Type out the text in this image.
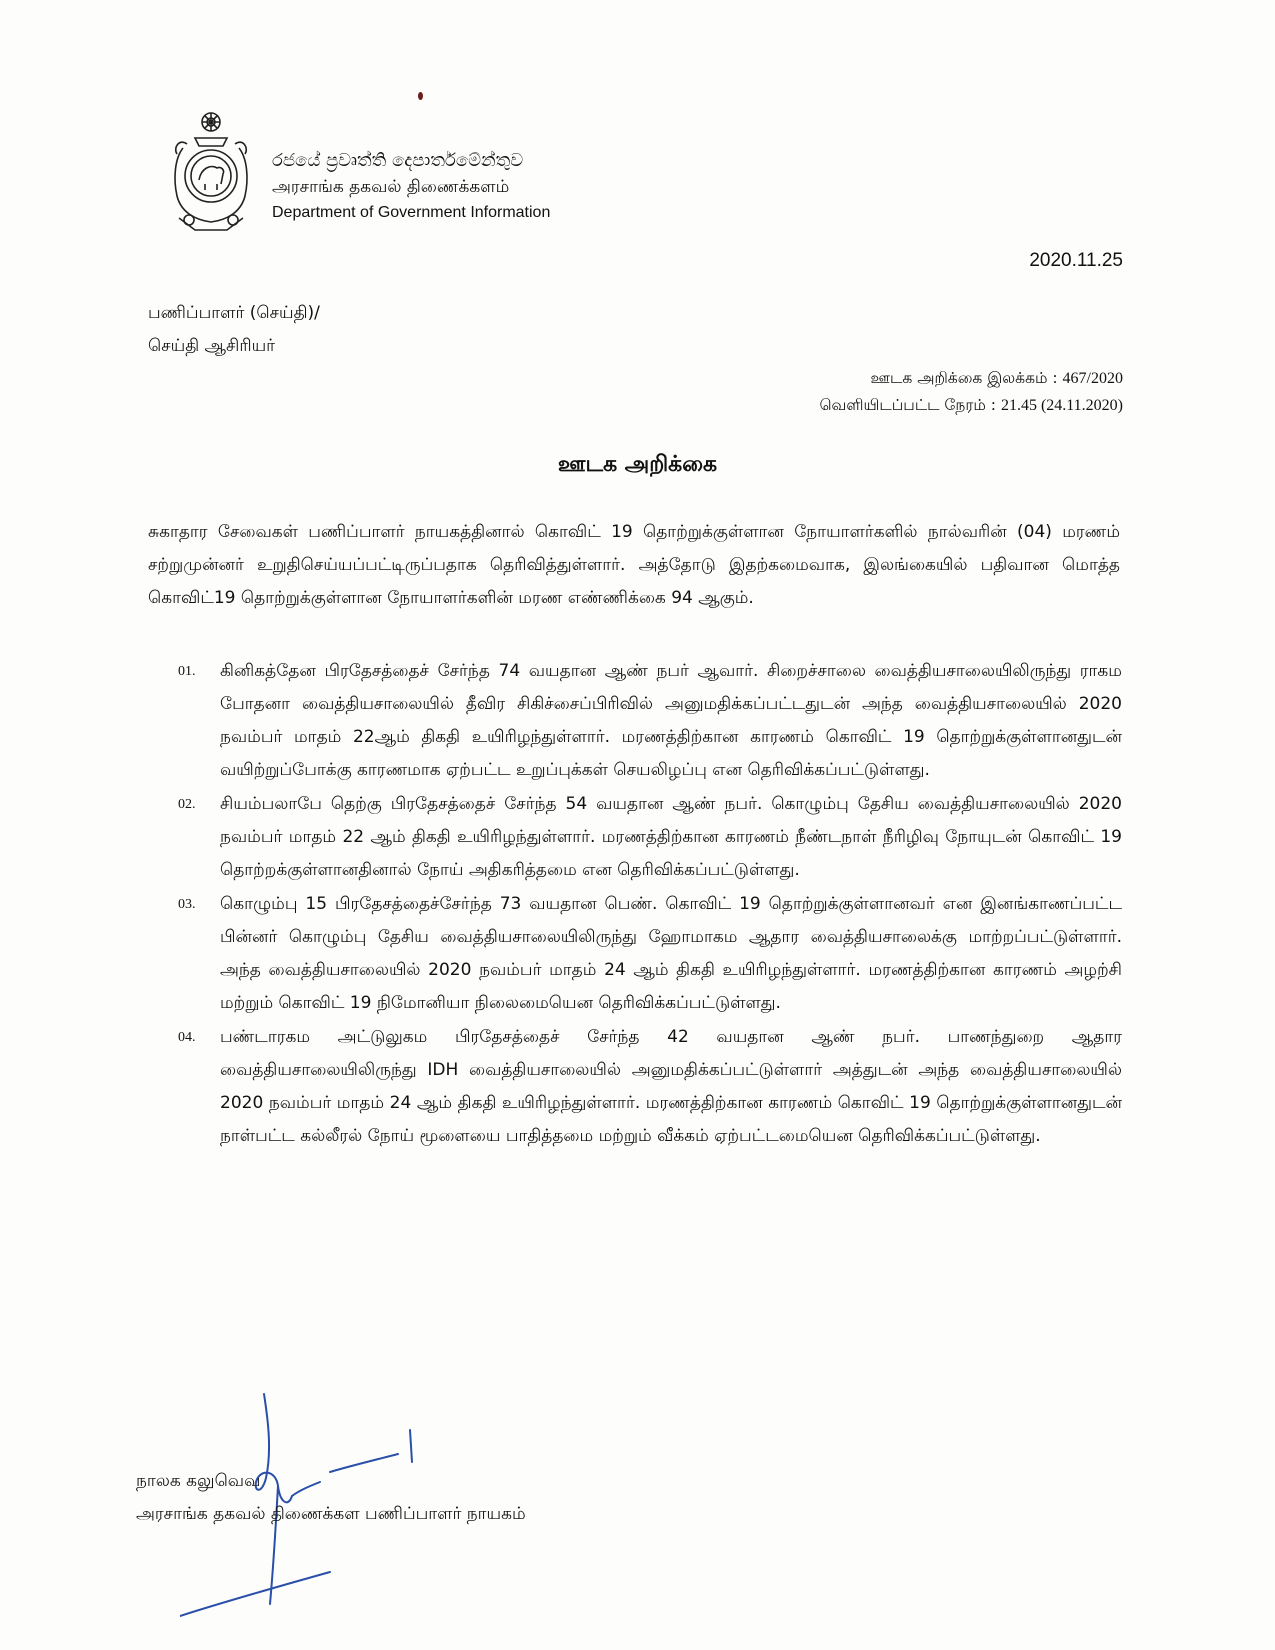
රජයේ ප්‍රවෘත්ති දෙපාර්තමේන්තුව
அரசாங்க தகவல் திணைக்களம்
Department of Government Information
2020.11.25
பணிப்பாளர் (செய்தி)/
செய்தி ஆசிரியர்
ஊடக அறிக்கை இலக்கம் : 467/2020
வெளியிடப்பட்ட நேரம் : 21.45 (24.11.2020)
ஊடக அறிக்கை
சுகாதார சேவைகள் பணிப்பாளர் நாயகத்தினால் கொவிட் 19 தொற்றுக்குள்ளான நோயாளர்களில் நால்வரின் (04) மரணம் சற்றுமுன்னர் உறுதிசெய்யப்பட்டிருப்பதாக தெரிவித்துள்ளார். அத்தோடு இதற்கமைவாக, இலங்கையில் பதிவான மொத்த கொவிட்19 தொற்றுக்குள்ளான நோயாளர்களின் மரண எண்ணிக்கை 94 ஆகும்.
01.	கினிகத்தேன பிரதேசத்தைச் சேர்ந்த 74 வயதான ஆண் நபர் ஆவார். சிறைச்சாலை வைத்தியசாலையிலிருந்து ராகம போதனா வைத்தியசாலையில் தீவிர சிகிச்சைப்பிரிவில் அனுமதிக்கப்பட்டதுடன் அந்த வைத்தியசாலையில் 2020 நவம்பர் மாதம் 22ஆம் திகதி உயிரிழந்துள்ளார். மரணத்திற்கான காரணம் கொவிட் 19 தொற்றுக்குள்ளானதுடன் வயிற்றுப்போக்கு காரணமாக ஏற்பட்ட உறுப்புக்கள் செயலிழப்பு என தெரிவிக்கப்பட்டுள்ளது.
02.	சியம்பலாபே தெற்கு பிரதேசத்தைச் சேர்ந்த 54 வயதான ஆண் நபர். கொழும்பு தேசிய வைத்தியசாலையில் 2020 நவம்பர் மாதம் 22 ஆம் திகதி உயிரிழந்துள்ளார். மரணத்திற்கான காரணம் நீண்டநாள் நீரிழிவு நோயுடன் கொவிட் 19 தொற்றக்குள்ளானதினால் நோய் அதிகரித்தமை என தெரிவிக்கப்பட்டுள்ளது.
03.	கொழும்பு 15 பிரதேசத்தைச்சேர்ந்த 73 வயதான பெண். கொவிட் 19 தொற்றுக்குள்ளானவர் என இனங்காணப்பட்ட பின்னர் கொழும்பு தேசிய வைத்தியசாலையிலிருந்து ஹோமாகம ஆதார வைத்தியசாலைக்கு மாற்றப்பட்டுள்ளார். அந்த வைத்தியசாலையில் 2020 நவம்பர் மாதம் 24 ஆம் திகதி உயிரிழந்துள்ளார். மரணத்திற்கான காரணம் அழற்சி மற்றும் கொவிட் 19 நிமோனியா நிலைமையென தெரிவிக்கப்பட்டுள்ளது.
04.	பண்டாரகம அட்டுலுகம பிரதேசத்தைச் சேர்ந்த 42 வயதான ஆண் நபர். பாணந்துறை ஆதார வைத்தியசாலையிலிருந்து IDH வைத்தியசாலையில் அனுமதிக்கப்பட்டுள்ளார் அத்துடன் அந்த வைத்தியசாலையில் 2020 நவம்பர் மாதம் 24 ஆம் திகதி உயிரிழந்துள்ளார். மரணத்திற்கான காரணம் கொவிட் 19 தொற்றுக்குள்ளானதுடன் நாள்பட்ட கல்லீரல் நோய் மூளையை பாதித்தமை மற்றும் வீக்கம் ஏற்பட்டமையென தெரிவிக்கப்பட்டுள்ளது.
நாலக கலுவெவ
அரசாங்க தகவல் திணைக்கள பணிப்பாளர் நாயகம்
